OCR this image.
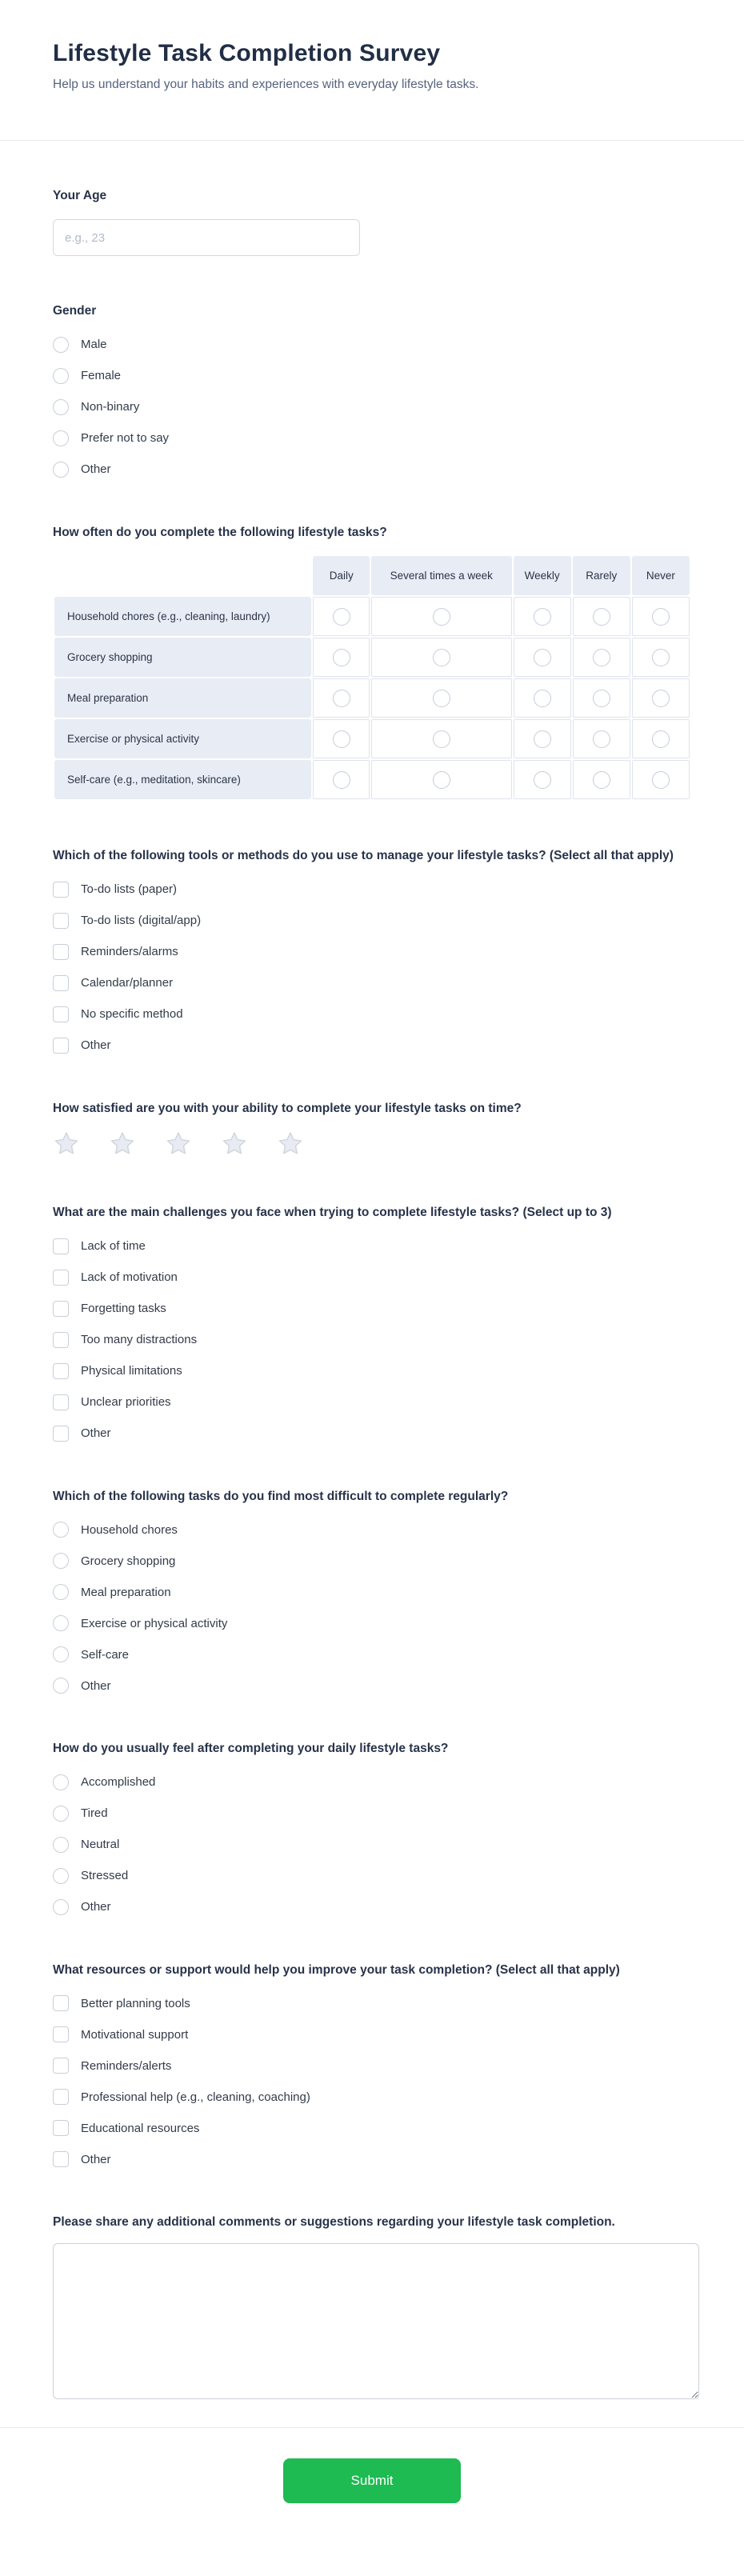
Lifestyle Task Completion Survey
Help us understand your habits and experiences with everyday lifestyle tasks.
Your Age
e.g., 23
Gender
Male
Female
Non-binary
Prefer not to say
Other
How often do you complete the following lifestyle tasks?
	Daily	Several times a week	Weekly	Rarely	Never
Household chores (e.g., cleaning, laundry)					
Grocery shopping					
Meal preparation					
Exercise or physical activity					
Self-care (e.g., meditation, skincare)					
Which of the following tools or methods do you use to manage your lifestyle tasks? (Select all that apply)
To-do lists (paper)
To-do lists (digital/app)
Reminders/alarms
Calendar/planner
No specific method
Other
How satisfied are you with your ability to complete your lifestyle tasks on time?
What are the main challenges you face when trying to complete lifestyle tasks? (Select up to 3)
Lack of time
Lack of motivation
Forgetting tasks
Too many distractions
Physical limitations
Unclear priorities
Other
Which of the following tasks do you find most difficult to complete regularly?
Household chores
Grocery shopping
Meal preparation
Exercise or physical activity
Self-care
Other
How do you usually feel after completing your daily lifestyle tasks?
Accomplished
Tired
Neutral
Stressed
Other
What resources or support would help you improve your task completion? (Select all that apply)
Better planning tools
Motivational support
Reminders/alerts
Professional help (e.g., cleaning, coaching)
Educational resources
Other
Please share any additional comments or suggestions regarding your lifestyle task completion.
Submit
